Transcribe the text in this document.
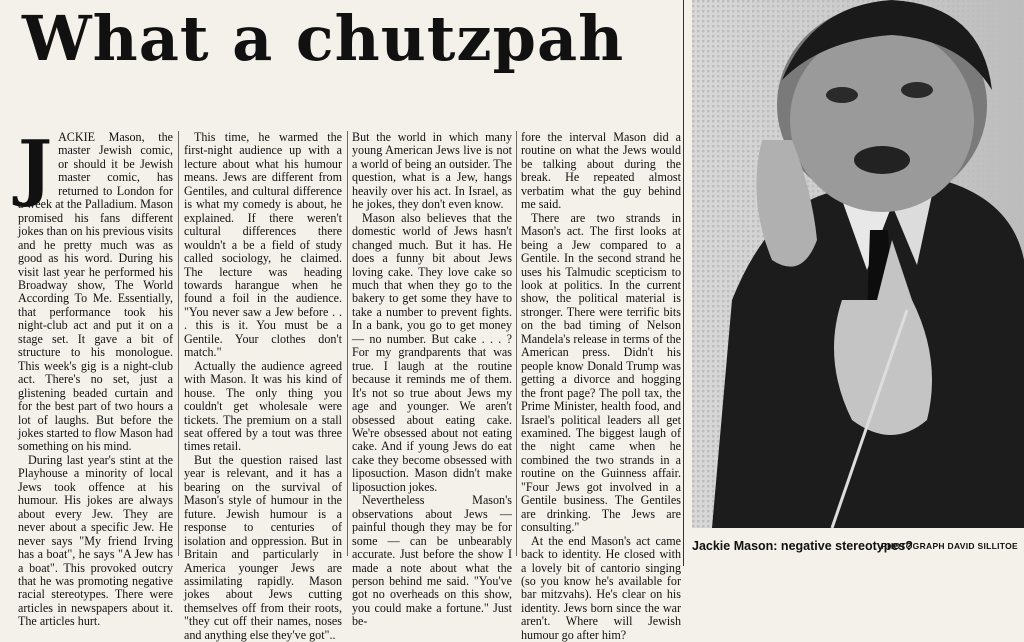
What a chutzpah
J ACKIE Mason, the master Jewish comic, or should it be Jewish master comic, has returned to London for a week at the Palladium. Mason promised his fans different jokes than on his previous visits and he pretty much was as good as his word. During his visit last year he performed his Broadway show, The World According To Me. Essentially, that performance took his night-club act and put it on a stage set. It gave a bit of structure to his monologue. This week's gig is a night-club act. There's no set, just a glistening beaded curtain and for the best part of two hours a lot of laughs. But before the jokes started to flow Mason had something on his mind.

During last year's stint at the Playhouse a minority of local Jews took offence at his humour. His jokes are always about every Jew. They are never about a specific Jew. He never says "My friend Irving has a boat", he says "A Jew has a boat". This provoked outcry that he was promoting negative racial stereotypes. There were articles in newspapers about it. The articles hurt.

This time, he warmed the first-night audience up with a lecture about what his humour means. Jews are different from Gentiles, and cultural difference is what my comedy is about, he explained. If there weren't cultural differences there wouldn't a be a field of study called sociology, he claimed. The lecture was heading towards harangue when he found a foil in the audience. "You never saw a Jew before . . . this is it. You must be a Gentile. Your clothes don't match."

Actually the audience agreed with Mason. It was his kind of house. The only thing you couldn't get wholesale were tickets. The premium on a stall seat offered by a tout was three times retail.

But the question raised last year is relevant, and it has a bearing on the survival of Mason's style of humour in the future. Jewish humour is a response to centuries of isolation and oppression. But in Britain and particularly in America younger Jews are assimilating rapidly. Mason jokes about Jews cutting themselves off from their roots, "they cut off their names, noses and anything else they've got"..

But the world in which many young American Jews live is not a world of being an outsider. The question, what is a Jew, hangs heavily over his act. In Israel, as he jokes, they don't even know.

Mason also believes that the domestic world of Jews hasn't changed much. But it has. He does a funny bit about Jews loving cake. They love cake so much that when they go to the bakery to get some they have to take a number to prevent fights. In a bank, you go to get money — no number. But cake . . . ? For my grandparents that was true. I laugh at the routine because it reminds me of them. It's not so true about Jews my age and younger. We aren't obsessed about eating cake. We're obsessed about not eating cake. And if young Jews do eat cake they become obsessed with liposuction. Mason didn't make liposuction jokes.

Nevertheless Mason's observations about Jews — painful though they may be for some — can be unbearably accurate. Just before the show I made a note about what the person behind me said. "You've got no overheads on this show, you could make a fortune." Just be-

fore the interval Mason did a routine on what the Jews would be talking about during the break. He repeated almost verbatim what the guy behind me said.

There are two strands in Mason's act. The first looks at being a Jew compared to a Gentile. In the second strand he uses his Talmudic scepticism to look at politics. In the current show, the political material is stronger. There were terrific bits on the bad timing of Nelson Mandela's release in terms of the American press. Didn't his people know Donald Trump was getting a divorce and hogging the front page? The poll tax, the Prime Minister, health food, and Israel's political leaders all get examined. The biggest laugh of the night came when he combined the two strands in a routine on the Guinness affair. "Four Jews got involved in a Gentile business. The Gentiles are drinking. The Jews are consulting."

At the end Mason's act came back to identity. He closed with a lovely bit of cantorio singing (so you know he's available for bar mitzvahs). He's clear on his identity. Jews born since the war aren't. Where will Jewish humour go after him?

Jackie Mason: negative stereotypes?
PHOTOGRAPH DAVID SILLITOE
